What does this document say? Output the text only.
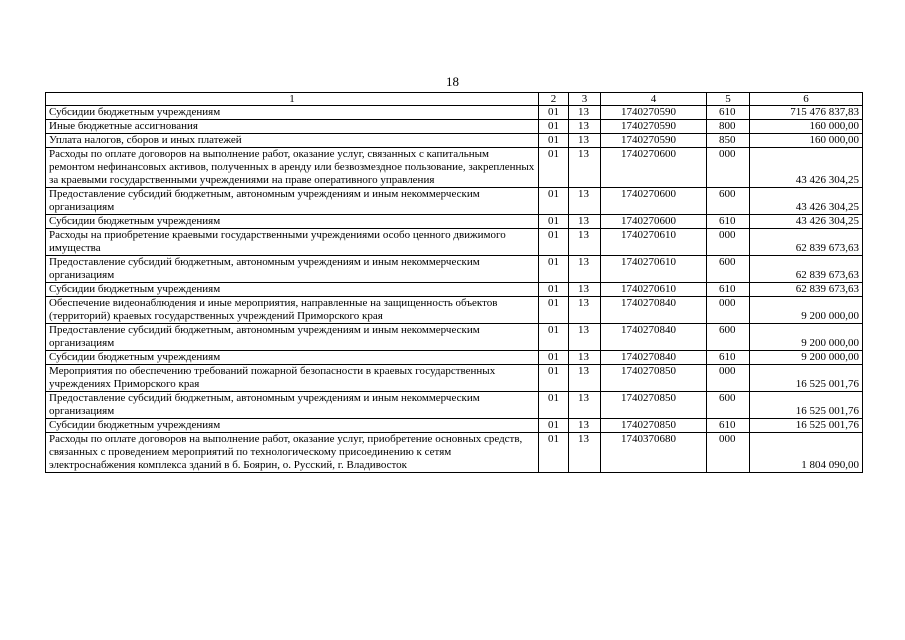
18
1	2	3	4	5	6
Субсидии бюджетным учреждениям	01	13	1740270590	610	715 476 837,83
Иные бюджетные ассигнования	01	13	1740270590	800	160 000,00
Уплата налогов, сборов и иных платежей	01	13	1740270590	850	160 000,00
Расходы по оплате договоров на выполнение работ, оказание услуг, связанных с капитальным ремонтом нефинансовых активов, полученных в аренду или безвозмездное пользование, закрепленных за краевыми государственными учреждениями на праве оперативного управления	01	13	1740270600	000	43 426 304,25
Предоставление субсидий бюджетным, автономным учреждениям и иным некоммерческим организациям	01	13	1740270600	600	43 426 304,25
Субсидии бюджетным учреждениям	01	13	1740270600	610	43 426 304,25
Расходы на приобретение краевыми государственными учреждениями особо ценного движимого имущества	01	13	1740270610	000	62 839 673,63
Предоставление субсидий бюджетным, автономным учреждениям и иным некоммерческим организациям	01	13	1740270610	600	62 839 673,63
Субсидии бюджетным учреждениям	01	13	1740270610	610	62 839 673,63
Обеспечение видеонаблюдения и иные мероприятия, направленные на защищенность объектов (территорий) краевых государственных учреждений Приморского края	01	13	1740270840	000	9 200 000,00
Предоставление субсидий бюджетным, автономным учреждениям и иным некоммерческим организациям	01	13	1740270840	600	9 200 000,00
Субсидии бюджетным учреждениям	01	13	1740270840	610	9 200 000,00
Мероприятия по обеспечению требований пожарной безопасности в краевых государственных учреждениях Приморского края	01	13	1740270850	000	16 525 001,76
Предоставление субсидий бюджетным, автономным учреждениям и иным некоммерческим организациям	01	13	1740270850	600	16 525 001,76
Субсидии бюджетным учреждениям	01	13	1740270850	610	16 525 001,76
Расходы по оплате договоров на выполнение работ, оказание услуг, приобретение основных средств, связанных с проведением мероприятий по технологическому присоединению к сетям электроснабжения комплекса зданий в б. Боярин, о. Русский, г. Владивосток	01	13	1740370680	000	1 804 090,00
